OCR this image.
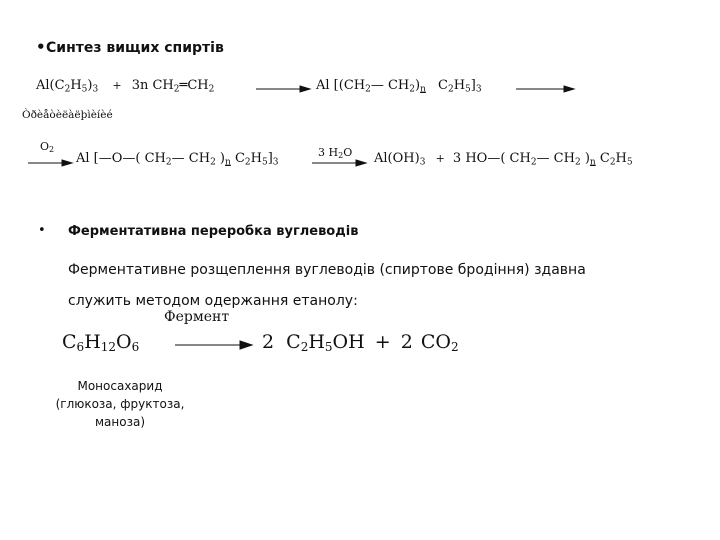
• Синтез вищих спиртів
$Al(C_2H_5)_3 + 3n$ $CH_2═CH_2$	Al [($CH_2—$ $CH_2)_n$ $C_2H_5]_3$
Òðèåòèëàëþìèíèé
$O_2$
Al [—O—( $CH_2—$ $CH_2$ )$_n$ $C_2H_5]_3$
3 $H_2O$ $Al(OH)_3 + 3$ HO—( $CH_2—$ $CH_2$ )$_n$ $C_2H_5$
• Ферментативна переробка вуглеводів
Ферментативне розщеплення вуглеводів (спиртове бродіння) здавна
служить методом одержання етанолу:
Фермент
$C_6H_{12}O_6$	2 $C_2H_5OH + 2$ $CO_2$
Моносахарид
(глюкоза, фруктоза,
маноза)
